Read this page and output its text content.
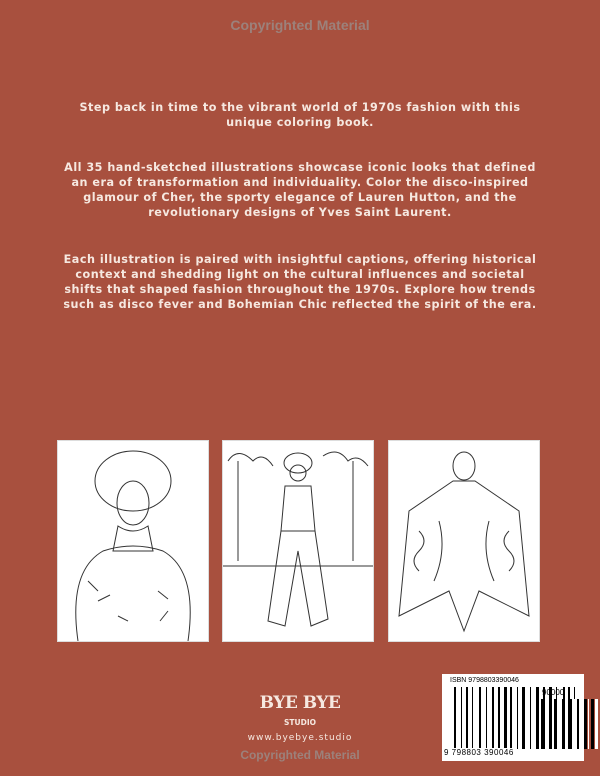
Copyrighted Material
Step back in time to the vibrant world of 1970s fashion with this unique coloring book.
All 35 hand-sketched illustrations showcase iconic looks that defined an era of transformation and individuality. Color the disco-inspired glamour of Cher, the sporty elegance of Lauren Hutton, and the revolutionary designs of Yves Saint Laurent.
Each illustration is paired with insightful captions, offering historical context and shedding light on the cultural influences and societal shifts that shaped fashion throughout the 1970s. Explore how trends such as disco fever and Bohemian Chic reflected the spirit of the era.
BYE BYE
STUDIO
www.byebye.studio
Copyrighted Material
ISBN 9798803390046
90000
9 798803 390046
